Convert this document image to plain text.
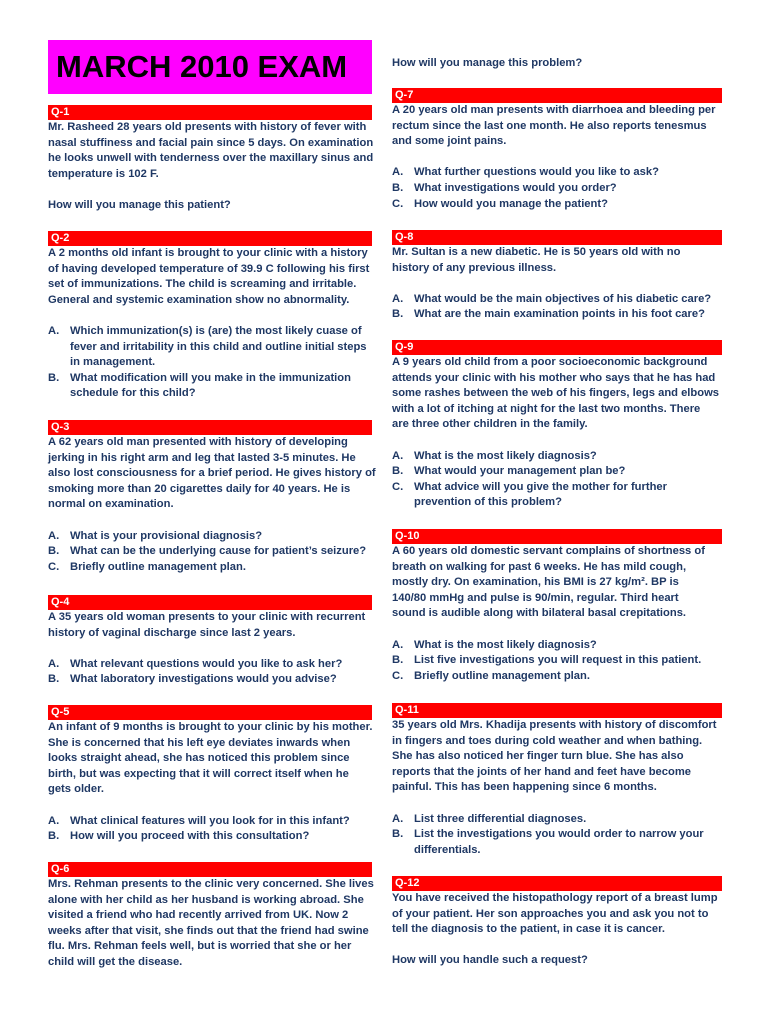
MARCH 2010 EXAM
Q-1

Mr. Rasheed 28 years old presents with history of fever with

nasal stuffiness and facial pain since 5 days. On examination

he looks unwell with tenderness over the maxillary sinus and

temperature is 102 F.

How will you manage this patient?

Q-2

A 2 months old infant is brought to your clinic with a history

of having developed temperature of 39.9 C following his first

set of immunizations. The child is screaming and irritable.

General and systemic examination show no abnormality.

A. Which immunization(s) is (are) the most likely cuase of
fever and irritability in this child and outline initial steps
in management.
B. What modification will you make in the immunization
schedule for this child?
Q-3

A 62 years old man presented with history of developing

jerking in his right arm and leg that lasted 3-5 minutes. He

also lost consciousness for a brief period. He gives history of

smoking more than 20 cigarettes daily for 40 years. He is

normal on examination.

A. What is your provisional diagnosis?
B. What can be the underlying cause for patient’s seizure?
C. Briefly outline management plan.
Q-4

A 35 years old woman presents to your clinic with recurrent

history of vaginal discharge since last 2 years.

A. What relevant questions would you like to ask her?
B. What laboratory investigations would you advise?
Q-5

An infant of 9 months is brought to your clinic by his mother.

She is concerned that his left eye deviates inwards when

looks straight ahead, she has noticed this problem since

birth, but was expecting that it will correct itself when he

gets older.

A. What clinical features will you look for in this infant?
B. How will you proceed with this consultation?
Q-6

Mrs. Rehman presents to the clinic very concerned. She lives

alone with her child as her husband is working abroad. She

visited a friend who had recently arrived from UK. Now 2

weeks after that visit, she finds out that the friend had swine

flu. Mrs. Rehman feels well, but is worried that she or her

child will get the disease.

How will you manage this problem?

Q-7

A 20 years old man presents with diarrhoea and bleeding per

rectum since the last one month. He also reports tenesmus

and some joint pains.

A. What further questions would you like to ask?
B. What investigations would you order?
C. How would you manage the patient?
Q-8

Mr. Sultan is a new diabetic. He is 50 years old with no

history of any previous illness.

A. What would be the main objectives of his diabetic care?
B. What are the main examination points in his foot care?
Q-9

A 9 years old child from a poor socioeconomic background

attends your clinic with his mother who says that he has had

some rashes between the web of his fingers, legs and elbows

with a lot of itching at night for the last two months. There

are three other children in the family.

A. What is the most likely diagnosis?
B. What would your management plan be?
C. What advice will you give the mother for further
prevention of this problem?
Q-10

A 60 years old domestic servant complains of shortness of

breath on walking for past 6 weeks. He has mild cough,

mostly dry. On examination, his BMI is 27 kg/m². BP is

140/80 mmHg and pulse is 90/min, regular. Third heart

sound is audible along with bilateral basal crepitations.

A. What is the most likely diagnosis?
B. List five investigations you will request in this patient.
C. Briefly outline management plan.
Q-11

35 years old Mrs. Khadija presents with history of discomfort

in fingers and toes during cold weather and when bathing.

She has also noticed her finger turn blue. She has also

reports that the joints of her hand and feet have become

painful. This has been happening since 6 months.

A. List three differential diagnoses.
B. List the investigations you would order to narrow your
differentials.
Q-12

You have received the histopathology report of a breast lump

of your patient. Her son approaches you and ask you not to

tell the diagnosis to the patient, in case it is cancer.

How will you handle such a request?
